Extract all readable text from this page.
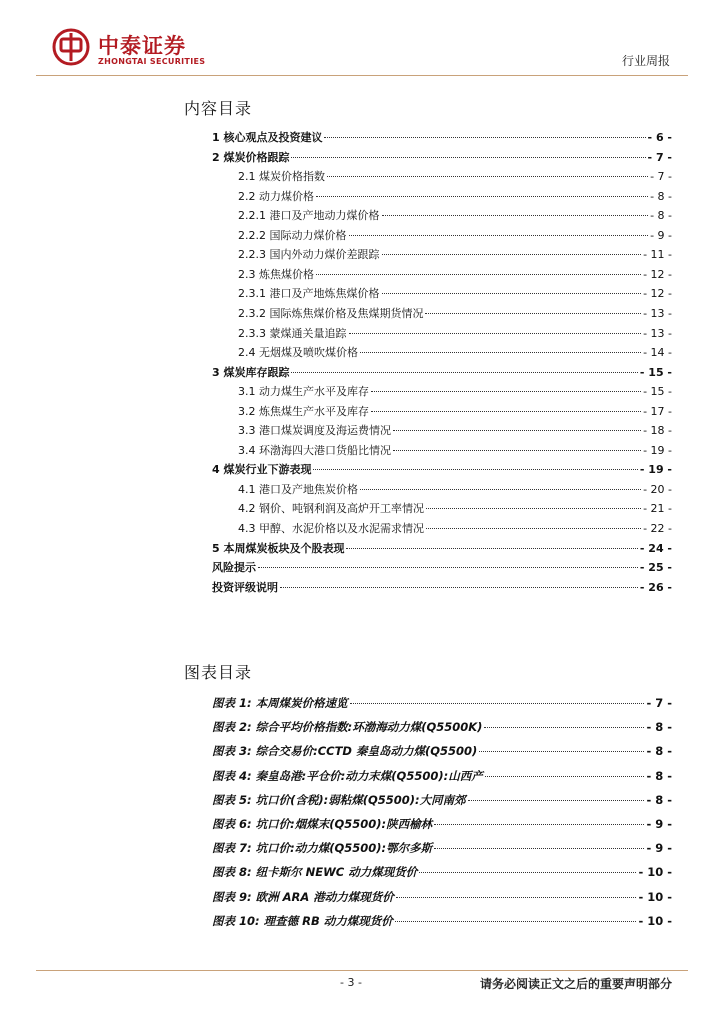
中泰证券
ZHONGTAI SECURITIES	行业周报
内容目录
图表目录
1 核心观点及投资建议	- 6 -
2 煤炭价格跟踪	- 7 -
2.1 煤炭价格指数	- 7 -
2.2 动力煤价格	- 8 -
2.2.1 港口及产地动力煤价格	- 8 -
2.2.2 国际动力煤价格	- 9 -
2.2.3 国内外动力煤价差跟踪	- 11 -
2.3 炼焦煤价格	- 12 -
2.3.1 港口及产地炼焦煤价格	- 12 -
2.3.2 国际炼焦煤价格及焦煤期货情况	- 13 -
2.3.3 蒙煤通关量追踪	- 13 -
2.4 无烟煤及喷吹煤价格	- 14 -
3 煤炭库存跟踪	- 15 -
3.1 动力煤生产水平及库存	- 15 -
3.2 炼焦煤生产水平及库存	- 17 -
3.3 港口煤炭调度及海运费情况	- 18 -
3.4 环渤海四大港口货船比情况	- 19 -
4 煤炭行业下游表现	- 19 -
4.1 港口及产地焦炭价格	- 20 -
4.2 钢价、吨钢利润及高炉开工率情况	- 21 -
4.3 甲醇、水泥价格以及水泥需求情况	- 22 -
5 本周煤炭板块及个股表现	- 24 -
风险提示	- 25 -
投资评级说明	- 26 -
图表 1: 本周煤炭价格速览	- 7 -
图表 2: 综合平均价格指数:环渤海动力煤(Q5500K)	- 8 -
图表 3: 综合交易价:CCTD 秦皇岛动力煤(Q5500)	- 8 -
图表 4: 秦皇岛港:平仓价:动力末煤(Q5500):山西产	- 8 -
图表 5: 坑口价(含税):弱粘煤(Q5500):大同南郊	- 8 -
图表 6: 坑口价:烟煤末(Q5500):陕西榆林	- 9 -
图表 7: 坑口价:动力煤(Q5500):鄂尔多斯	- 9 -
图表 8: 纽卡斯尔 NEWC 动力煤现货价	- 10 -
图表 9: 欧洲 ARA 港动力煤现货价	- 10 -
图表 10: 理查德 RB 动力煤现货价	- 10 -
- 3 -	请务必阅读正文之后的重要声明部分
